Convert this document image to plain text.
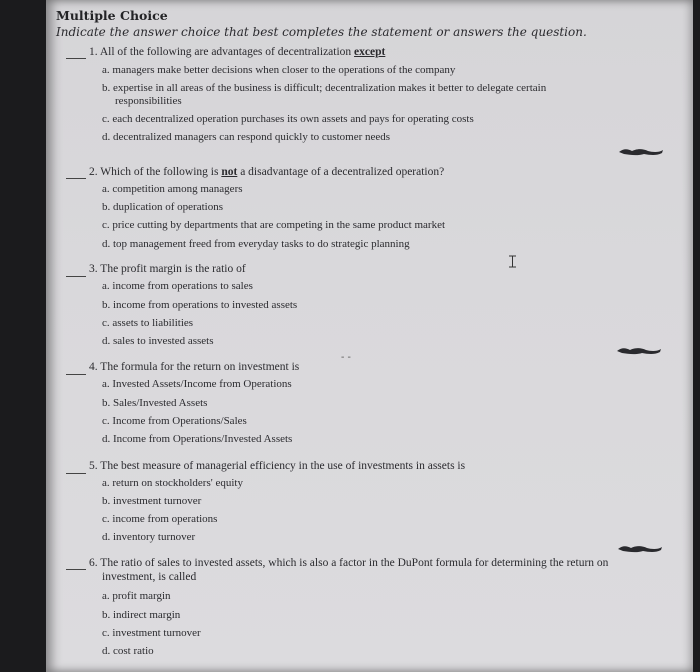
Multiple Choice
Indicate the answer choice that best completes the statement or answers the question.
1. All of the following are advantages of decentralization except
a. managers make better decisions when closer to the operations of the company
b. expertise in all areas of the business is difficult; decentralization makes it better to delegate certain
responsibilities
c. each decentralized operation purchases its own assets and pays for operating costs
d. decentralized managers can respond quickly to customer needs
2. Which of the following is not a disadvantage of a decentralized operation?
a. competition among managers
b. duplication of operations
c. price cutting by departments that are competing in the same product market
d. top management freed from everyday tasks to do strategic planning
3. The profit margin is the ratio of
a. income from operations to sales
b. income from operations to invested assets
c. assets to liabilities
d. sales to invested assets
4. The formula for the return on investment is
a. Invested Assets/Income from Operations
b. Sales/Invested Assets
c. Income from Operations/Sales
d. Income from Operations/Invested Assets
5. The best measure of managerial efficiency in the use of investments in assets is
a. return on stockholders' equity
b. investment turnover
c. income from operations
d. inventory turnover
6. The ratio of sales to invested assets, which is also a factor in the DuPont formula for determining the return on
investment, is called
a. profit margin
b. indirect margin
c. investment turnover
d. cost ratio
- -
